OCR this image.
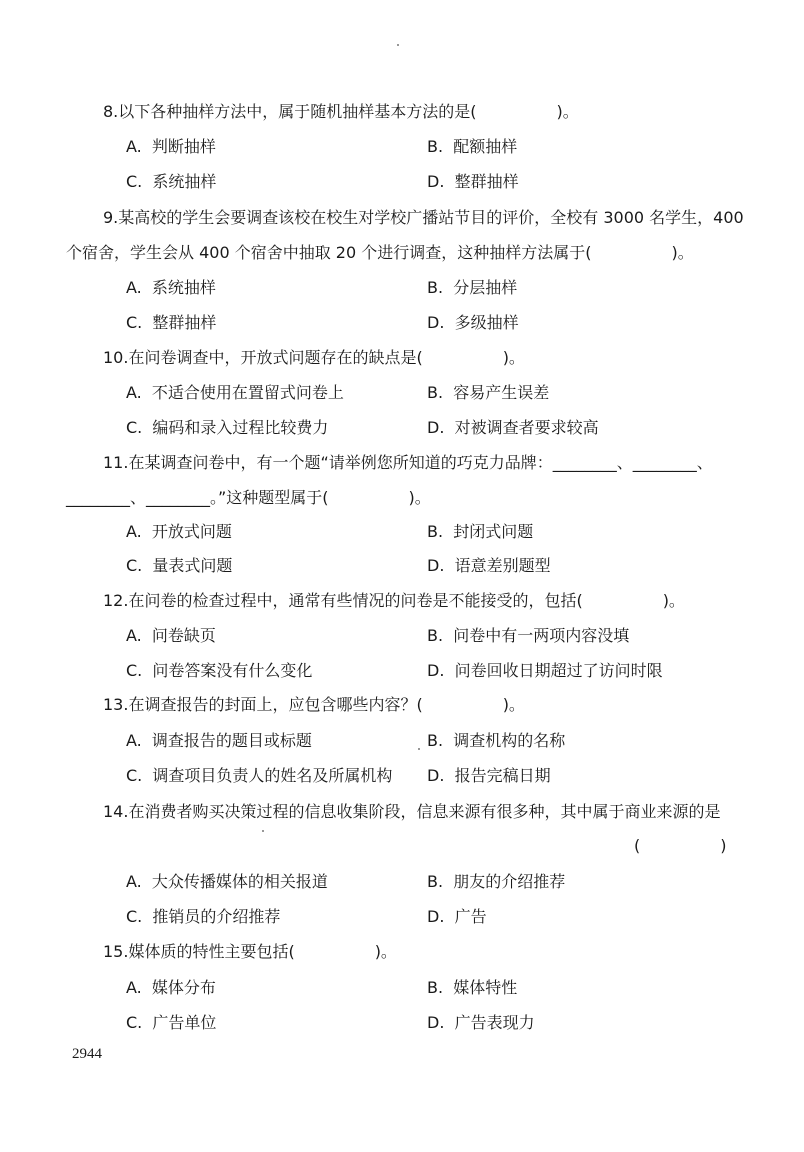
8.以下各种抽样方法中，属于随机抽样基本方法的是(　　　　　)。
A.  判断抽样	B.  配额抽样
C.  系统抽样	D.  整群抽样
9.某高校的学生会要调查该校在校生对学校广播站节目的评价，全校有 3000 名学生，400
个宿舍，学生会从 400 个宿舍中抽取 20 个进行调查，这种抽样方法属于(　　　　　)。
A.  系统抽样	B.  分层抽样
C.  整群抽样	D.  多级抽样
10.在问卷调查中，开放式问题存在的缺点是(　　　　　)。
A.  不适合使用在置留式问卷上	B.  容易产生误差
C.  编码和录入过程比较费力	D.  对被调查者要求较高
11.在某调查问卷中，有一个题“请举例您所知道的巧克力品牌：________、________、
________、________。”这种题型属于(　　　　　)。
A.  开放式问题	B.  封闭式问题
C.  量表式问题	D.  语意差别题型
12.在问卷的检查过程中，通常有些情况的问卷是不能接受的，包括(　　　　　)。
A.  问卷缺页	B.  问卷中有一两项内容没填
C.  问卷答案没有什么变化	D.  问卷回收日期超过了访问时限
13.在调查报告的封面上，应包含哪些内容？(　　　　　)。
A.  调查报告的题目或标题	B.  调查机构的名称
C.  调查项目负责人的姓名及所属机构 D.  报告完稿日期
14.在消费者购买决策过程的信息收集阶段，信息来源有很多种，其中属于商业来源的是
(　　　　　)
A.  大众传播媒体的相关报道	B.  朋友的介绍推荐
C.  推销员的介绍推荐	D.  广告
15.媒体质的特性主要包括(　　　　　)。
A.  媒体分布	B.  媒体特性
C.  广告单位	D.  广告表现力
2944
